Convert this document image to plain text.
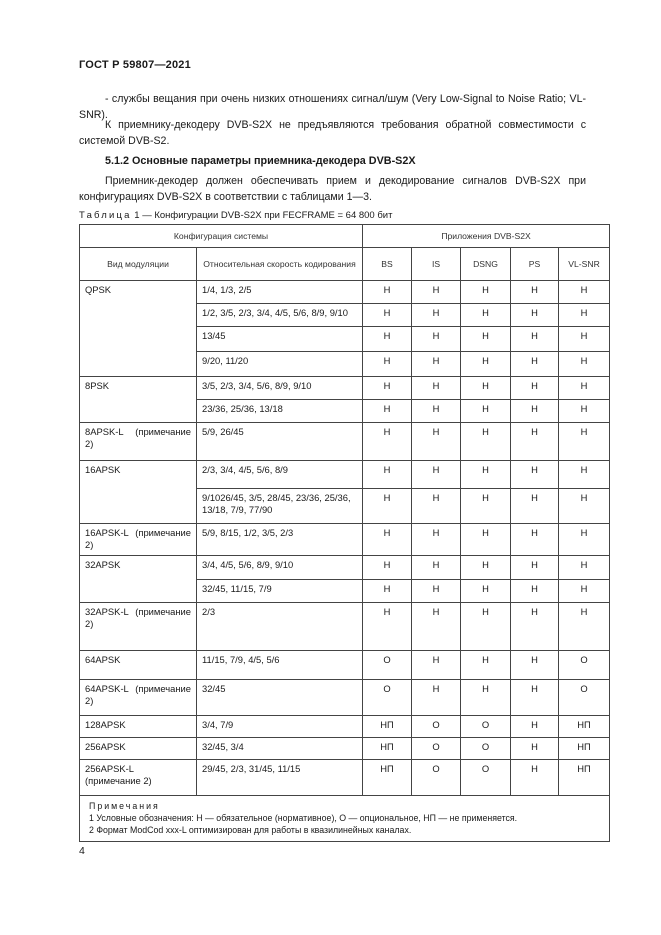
ГОСТ Р 59807—2021
- службы вещания при очень низких отношениях сигнал/шум (Very Low-Signal to Noise Ratio; VL-SNR).
К приемнику-декодеру DVB-S2X не предъявляются требования обратной совместимости с системой DVB-S2.
5.1.2 Основные параметры приемника-декодера DVB-S2X
Приемник-декодер должен обеспечивать прием и декодирование сигналов DVB-S2X при конфигурациях DVB-S2X в соответствии с таблицами 1—3.
Таблица 1 — Конфигурации DVB-S2X при FECFRAME = 64 800 бит
Конфигурация системы		Приложения DVB-S2X				
Вид модуляции	Относительная скорость кодирования	BS	IS	DSNG	PS	VL-SNR
QPSK	1/4, 1/3, 2/5	Н	Н	Н	Н	Н
	1/2, 3/5, 2/3, 3/4, 4/5, 5/6, 8/9, 9/10	Н	Н	Н	Н	Н
	13/45	Н	Н	Н	Н	Н
	9/20, 11/20	Н	Н	Н	Н	Н
8PSK	3/5, 2/3, 3/4, 5/6, 8/9, 9/10	Н	Н	Н	Н	Н
	23/36, 25/36, 13/18	Н	Н	Н	Н	Н
8APSK-L (примечание 2)	5/9, 26/45	Н	Н	Н	Н	Н
16APSK	2/3, 3/4, 4/5, 5/6, 8/9	Н	Н	Н	Н	Н
	9/1026/45, 3/5, 28/45, 23/36, 25/36, 13/18, 7/9, 77/90	Н	Н	Н	Н	Н
16APSK-L (примечание 2)	5/9, 8/15, 1/2, 3/5, 2/3	Н	Н	Н	Н	Н
32APSK	3/4, 4/5, 5/6, 8/9, 9/10	Н	Н	Н	Н	Н
	32/45, 11/15, 7/9	Н	Н	Н	Н	Н
32APSK-L (примечание 2)	2/3	Н	Н	Н	Н	Н
64APSK	11/15, 7/9, 4/5, 5/6	О	Н	Н	Н	О
64APSK-L (примечание 2)	32/45	О	Н	Н	Н	О
128APSK	3/4, 7/9	НП	О	О	Н	НП
256APSK	32/45, 3/4	НП	О	О	Н	НП
256APSK-L (примечание 2)	29/45, 2/3, 31/45, 11/15	НП	О	О	Н	НП

Примечания
1 Условные обозначения: Н — обязательное (нормативное), О — опциональное, НП — не применяется.
2 Формат ModCod xxx-L оптимизирован для работы в квазилинейных каналах.						
4
